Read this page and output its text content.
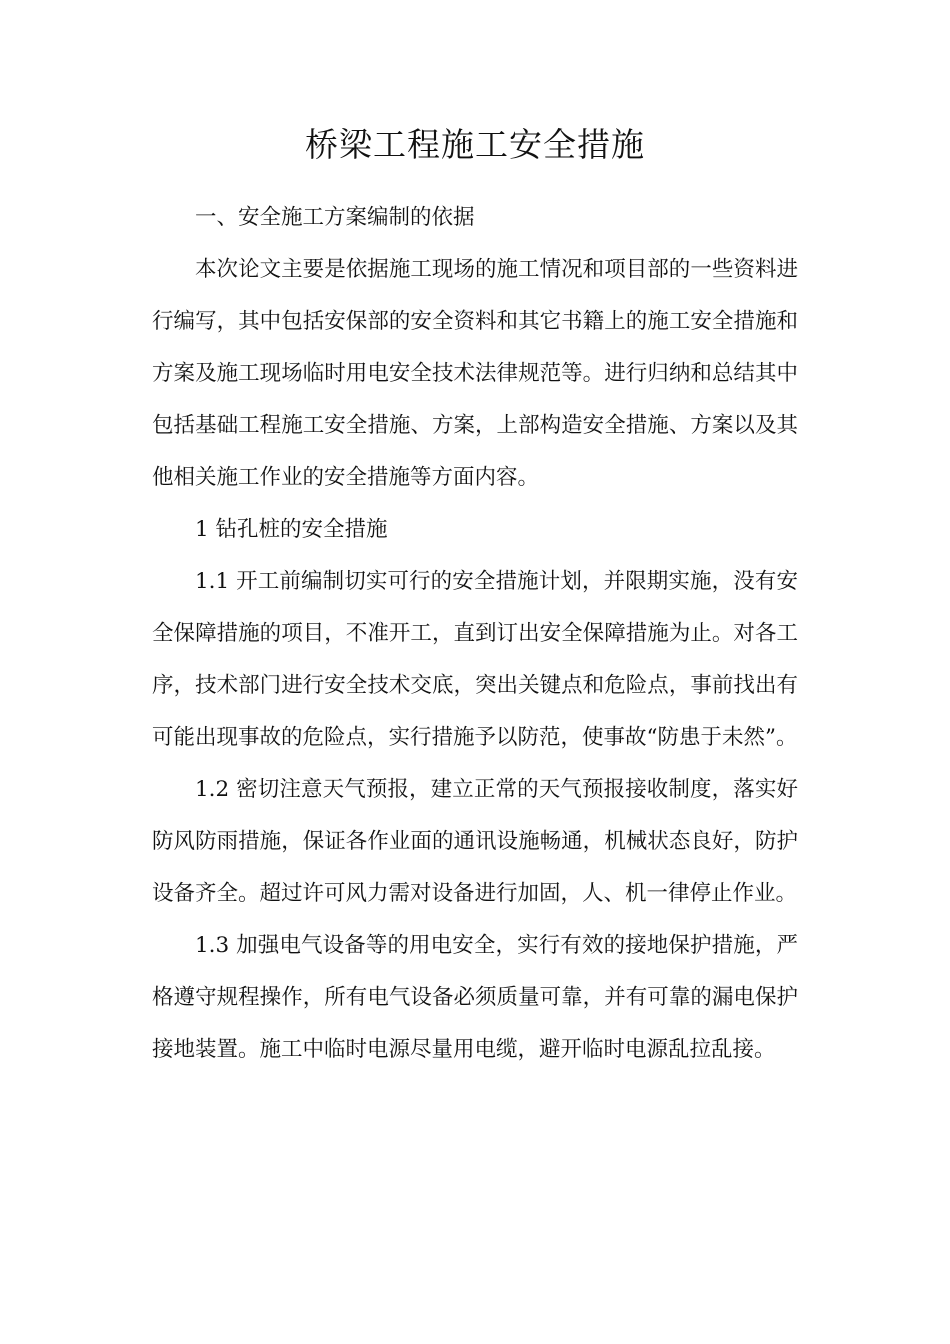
桥梁工程施工安全措施

一、安全施工方案编制的依据

本次论文主要是依据施工现场的施工情况和项目部的一些资料进行编写，其中包括安保部的安全资料和其它书籍上的施工安全措施和方案及施工现场临时用电安全技术法律规范等。进行归纳和总结其中包括基础工程施工安全措施、方案，上部构造安全措施、方案以及其他相关施工作业的安全措施等方面内容。

1 钻孔桩的安全措施

1.1 开工前编制切实可行的安全措施计划，并限期实施，没有安全保障措施的项目，不准开工，直到订出安全保障措施为止。对各工序，技术部门进行安全技术交底，突出关键点和危险点，事前找出有可能出现事故的危险点，实行措施予以防范，使事故“防患于未然”。

1.2 密切注意天气预报，建立正常的天气预报接收制度，落实好防风防雨措施，保证各作业面的通讯设施畅通，机械状态良好，防护设备齐全。超过许可风力需对设备进行加固，人、机一律停止作业。

1.3 加强电气设备等的用电安全，实行有效的接地保护措施，严格遵守规程操作，所有电气设备必须质量可靠，并有可靠的漏电保护接地装置。施工中临时电源尽量用电缆，避开临时电源乱拉乱接。
